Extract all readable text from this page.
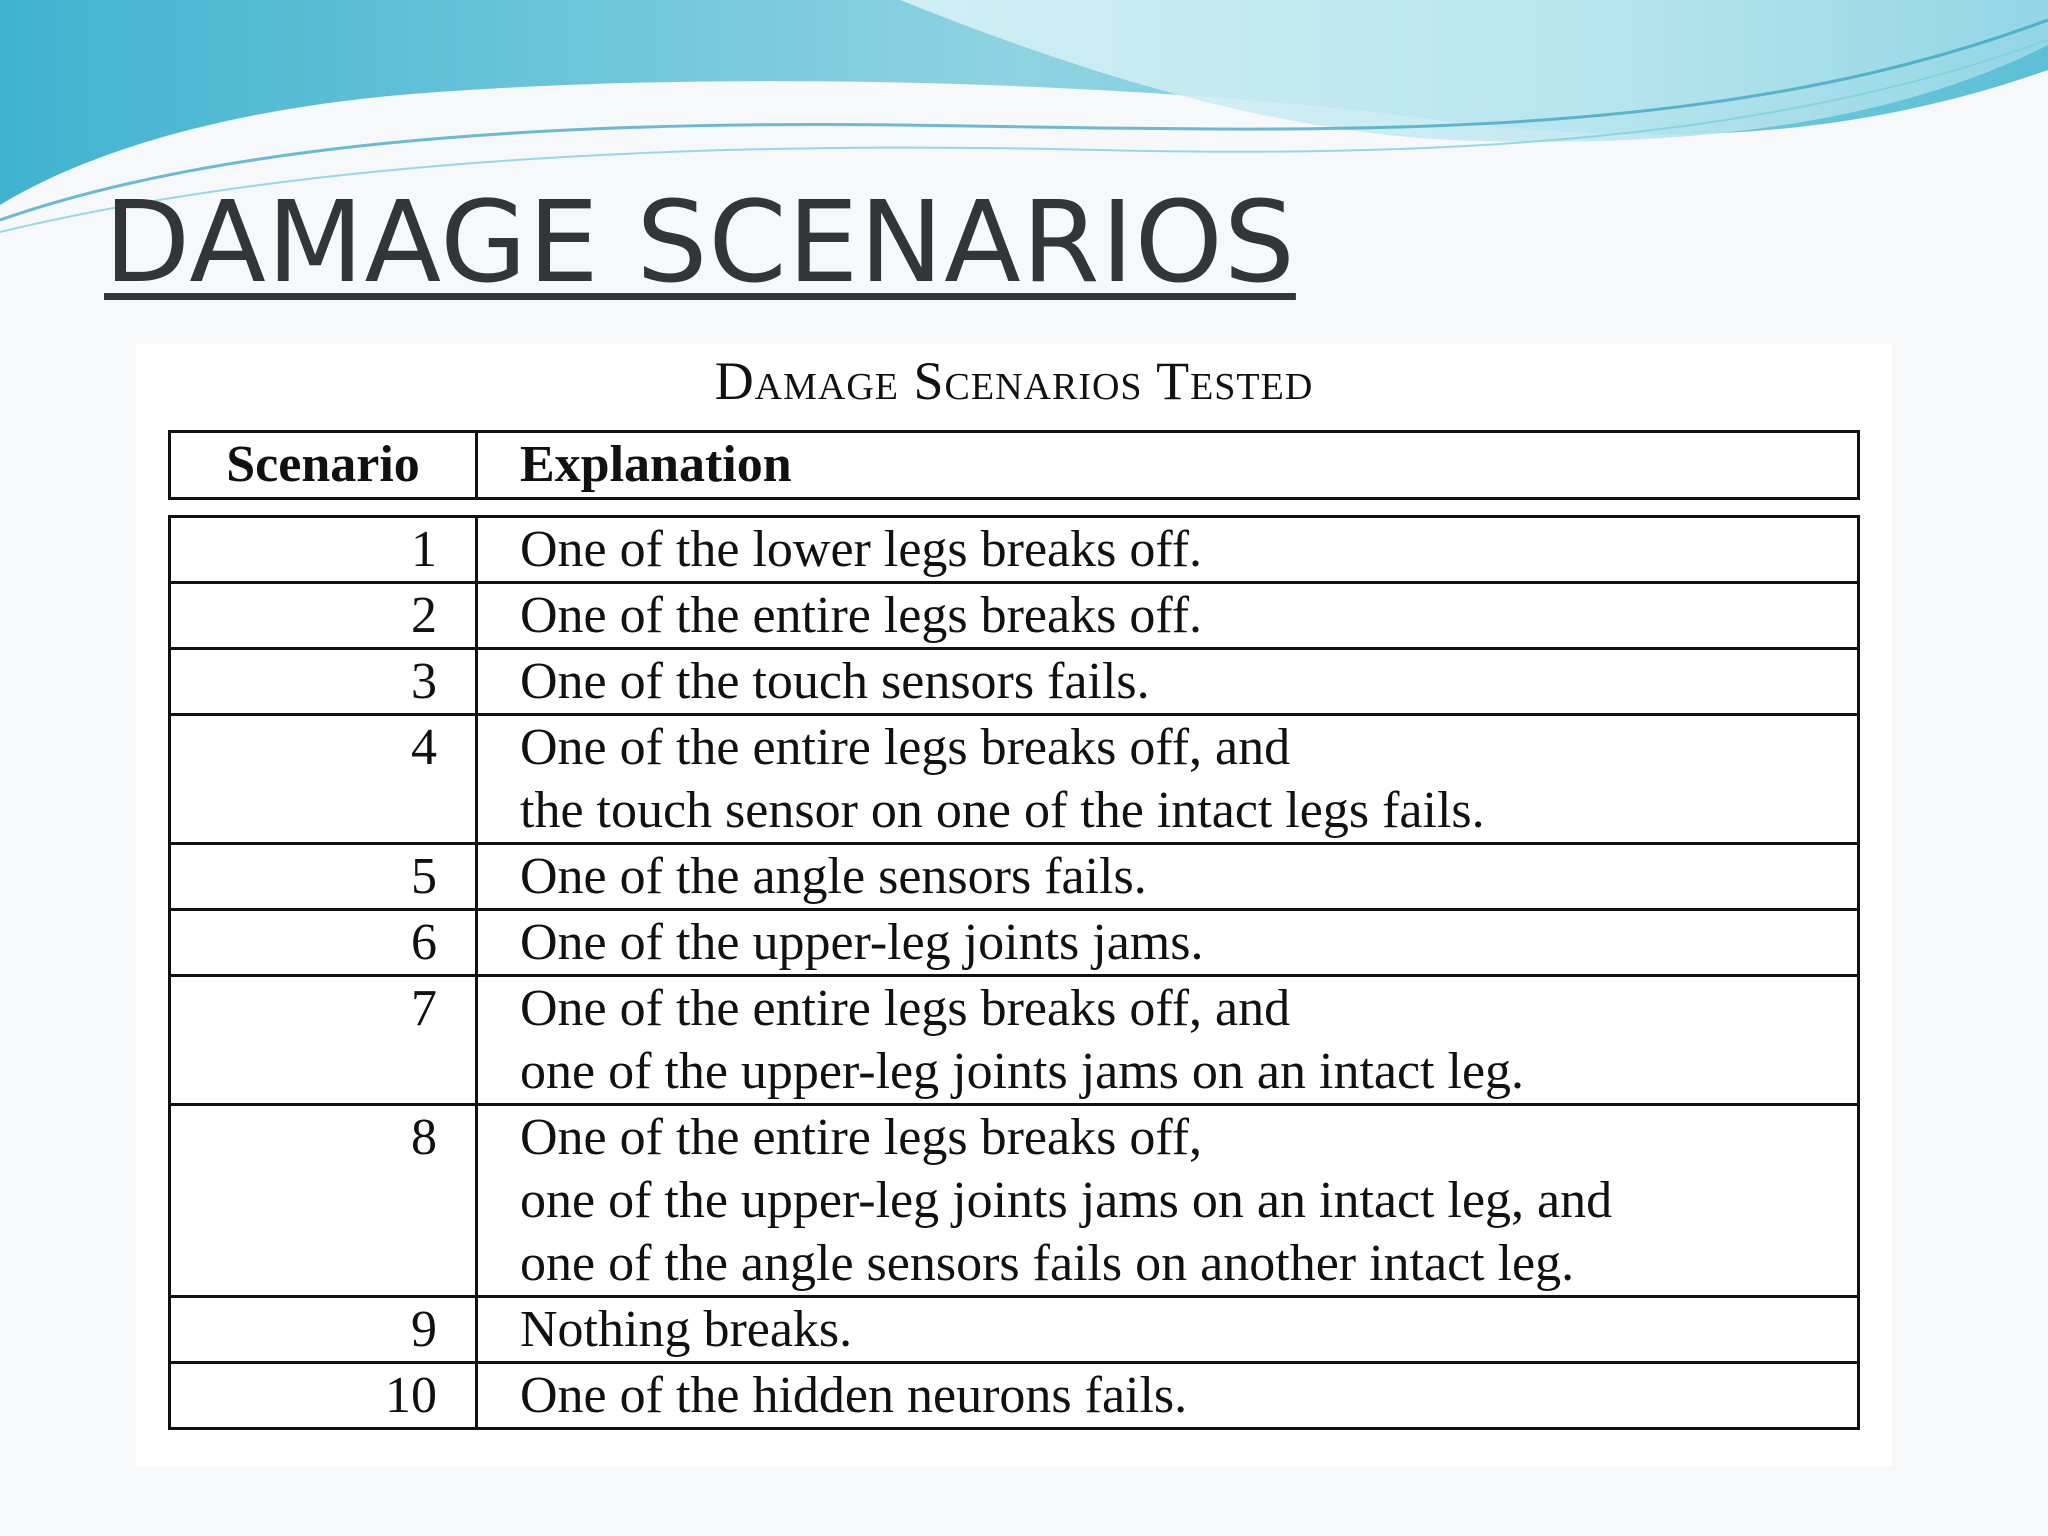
DAMAGE SCENARIOS
Damage Scenarios Tested
Scenario	Explanation
1	One of the lower legs breaks off.
2	One of the entire legs breaks off.
3	One of the touch sensors fails.
4	One of the entire legs breaks off, and
the touch sensor on one of the intact legs fails.
5	One of the angle sensors fails.
6	One of the upper-leg joints jams.
7	One of the entire legs breaks off, and
one of the upper-leg joints jams on an intact leg.
8	One of the entire legs breaks off,
one of the upper-leg joints jams on an intact leg, and
one of the angle sensors fails on another intact leg.
9	Nothing breaks.
10	One of the hidden neurons fails.
